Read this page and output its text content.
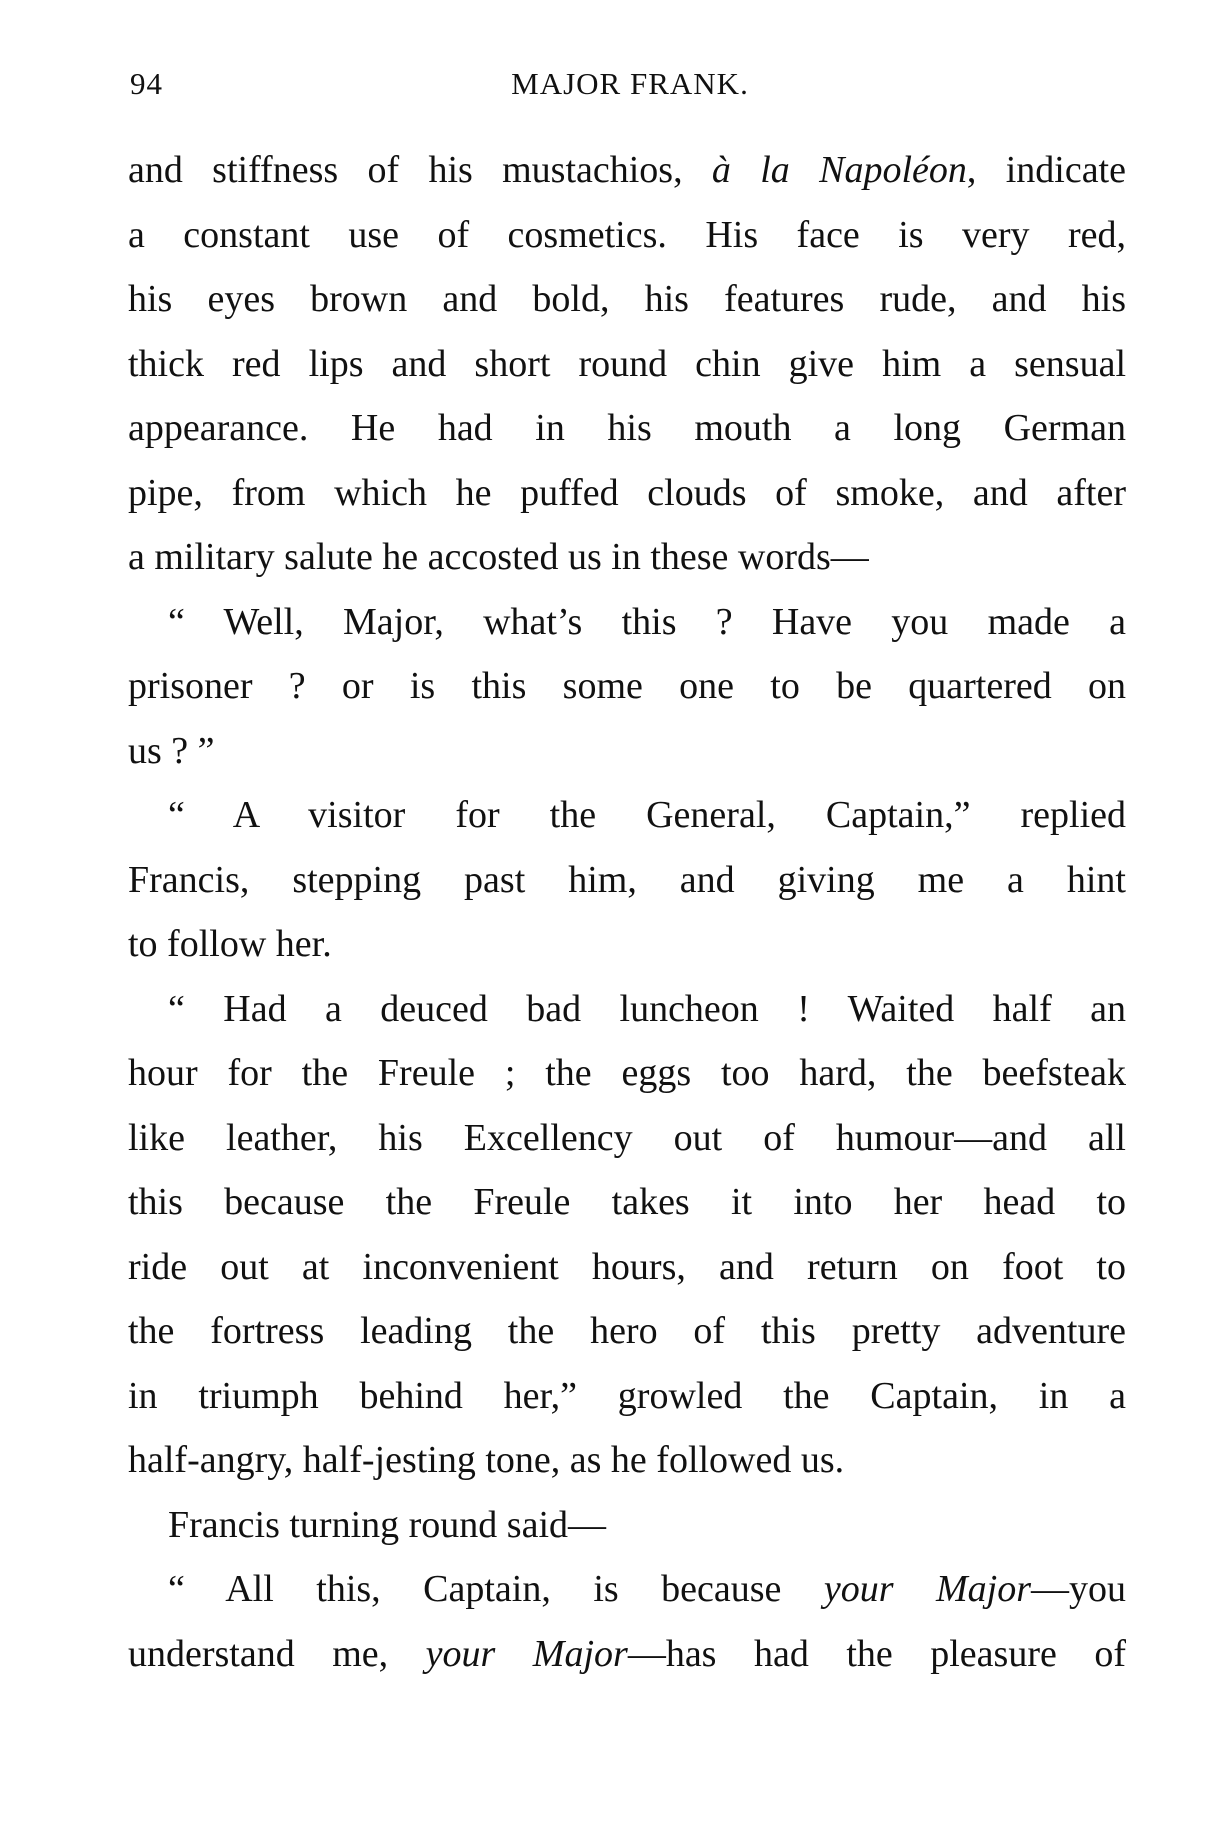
94	MAJOR FRANK.
and stiffness of his mustachios, à la Napoléon, indicate
a constant use of cosmetics. His face is very red,
his eyes brown and bold, his features rude, and his
thick red lips and short round chin give him a sensual
appearance. He had in his mouth a long German
pipe, from which he puffed clouds of smoke, and after
a military salute he accosted us in these words—
“ Well, Major, what’s this ? Have you made a
prisoner ? or is this some one to be quartered on
us ? ”
“ A visitor for the General, Captain,” replied
Francis, stepping past him, and giving me a hint
to follow her.
“ Had a deuced bad luncheon ! Waited half an
hour for the Freule ; the eggs too hard, the beefsteak
like leather, his Excellency out of humour—and all
this because the Freule takes it into her head to
ride out at inconvenient hours, and return on foot to
the fortress leading the hero of this pretty adventure
in triumph behind her,” growled the Captain, in a
half-angry, half-jesting tone, as he followed us.
Francis turning round said—
“ All this, Captain, is because your Major—you
understand me, your Major—has had the pleasure of
